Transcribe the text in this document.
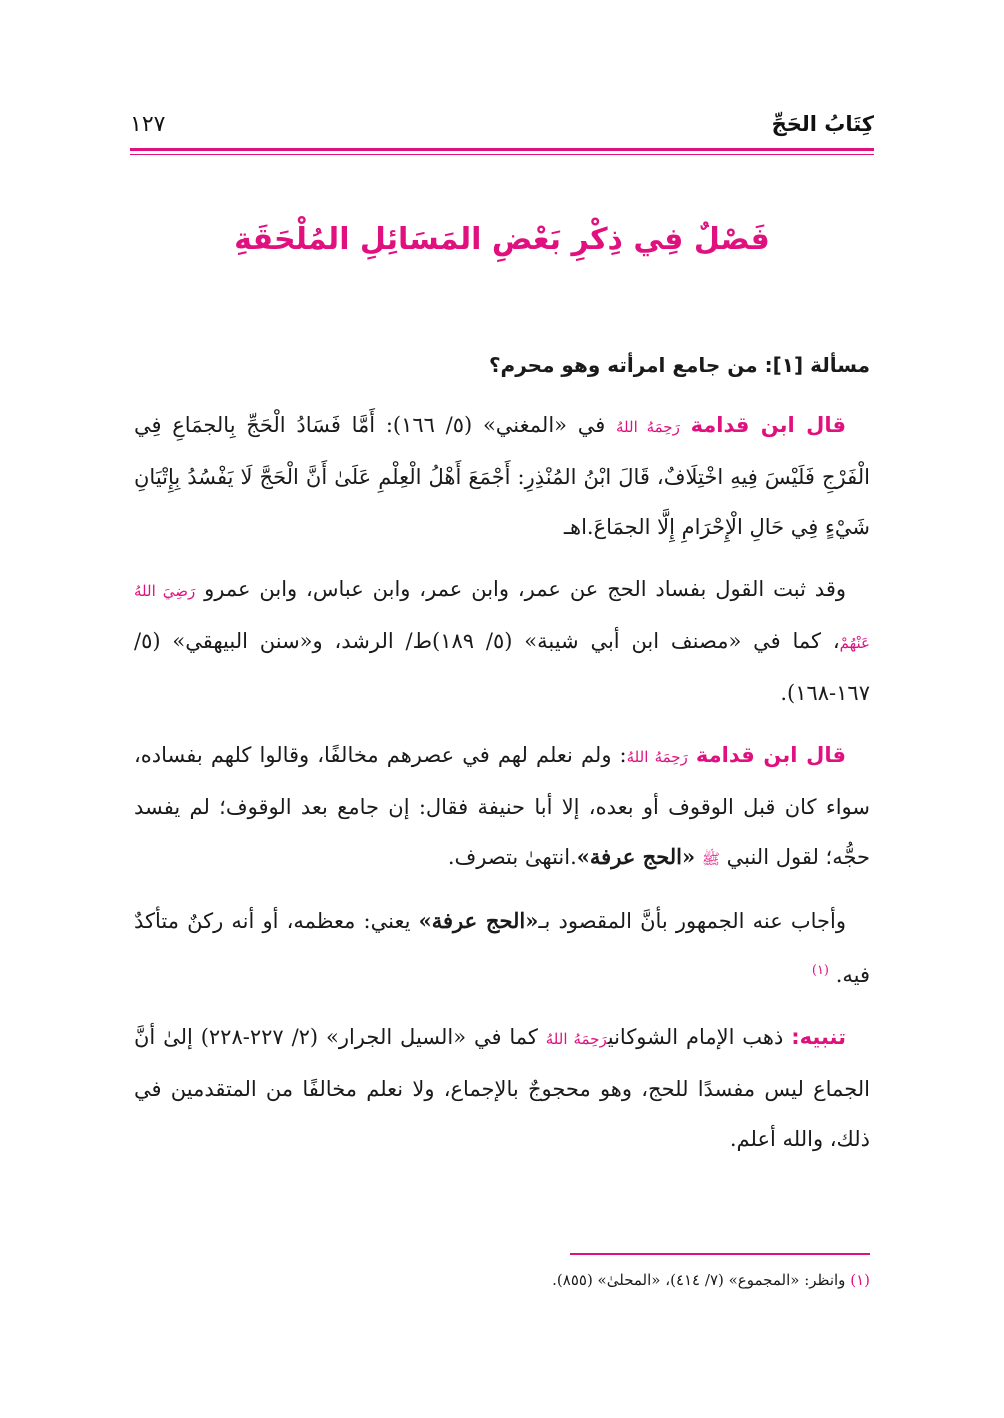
كِتَابُ الحَجِّ
١٢٧
فَصْلٌ فِي ذِكْرِ بَعْضِ المَسَائِلِ المُلْحَقَةِ
مسألة [١]: من جامع امرأته وهو محرم؟
قال ابن قدامة رَحِمَهُ اللهُ في «المغني» (٥/ ١٦٦): أَمَّا فَسَادُ الْحَجِّ بِالجمَاعِ فِي الْفَرْجِ فَلَيْسَ فِيهِ اخْتِلَافٌ، قَالَ ابْنُ المُنْذِرِ: أَجْمَعَ أَهْلُ الْعِلْمِ عَلَىٰ أَنَّ الْحَجَّ لَا يَفْسُدُ بِإِتْيَانِ شَيْءٍ فِي حَالِ الْإِحْرَامِ إِلَّا الجمَاعَ.اهـ
وقد ثبت القول بفساد الحج عن عمر، وابن عمر، وابن عباس، وابن عمرو رَضِيَ اللهُ عَنْهُمْ، كما في «مصنف ابن أبي شيبة» (٥/ ١٨٩)ط/ الرشد، و«سنن البيهقي» (٥/ ١٦٧-١٦٨).
قال ابن قدامة رَحِمَهُ اللهُ: ولم نعلم لهم في عصرهم مخالفًا، وقالوا كلهم بفساده، سواء كان قبل الوقوف أو بعده، إلا أبا حنيفة فقال: إن جامع بعد الوقوف؛ لم يفسد حجُّه؛ لقول النبي ﷺ «الحج عرفة».انتهىٰ بتصرف.
وأجاب عنه الجمهور بأنَّ المقصود بـ«الحج عرفة» يعني: معظمه، أو أنه ركنٌ متأكدٌ فيه. $^{(١)}$
تنبيه: ذهب الإمام الشوكانيرَحِمَهُ اللهُ كما في «السيل الجرار» (٢/ ٢٢٧-٢٢٨) إلىٰ أنَّ الجماع ليس مفسدًا للحج، وهو محجوجٌ بالإجماع، ولا نعلم مخالفًا من المتقدمين في ذلك، والله أعلم.
(١) وانظر: «المجموع» (٧/ ٤١٤)، «المحلىٰ» (٨٥٥).
